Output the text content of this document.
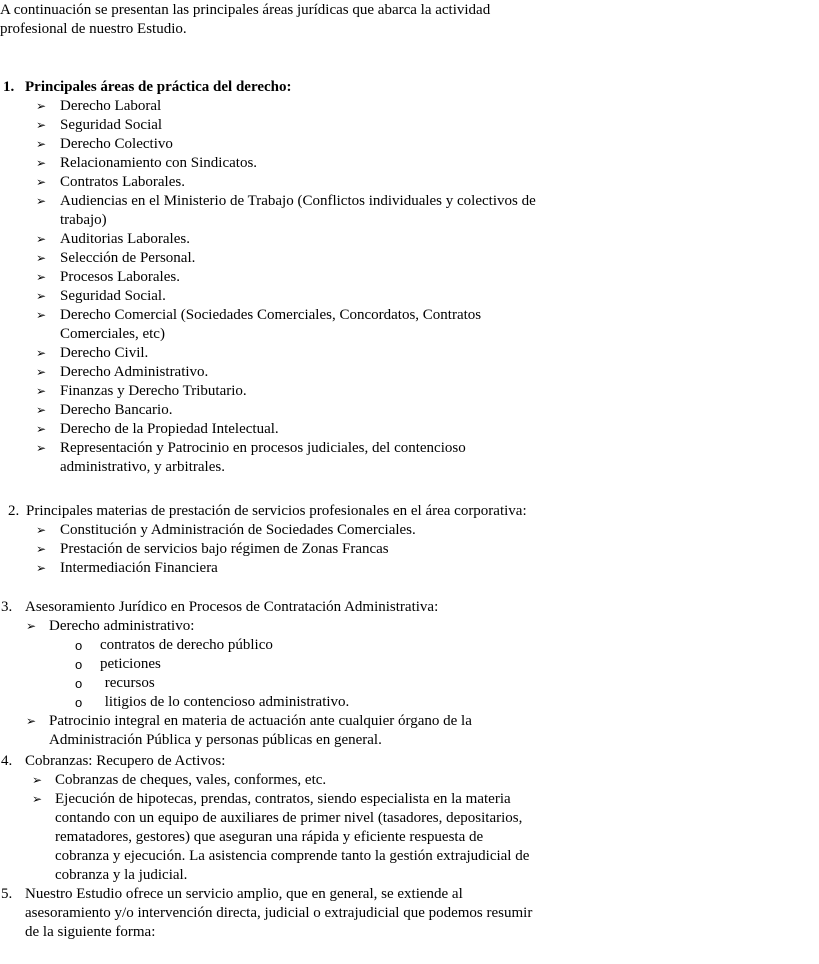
A continuación se presentan las principales áreas jurídicas que abarca la actividad

profesional de nuestro Estudio.

1. Principales áreas de práctica del derecho:
➢ Derecho Laboral

➢ Seguridad Social

➢ Derecho Colectivo

➢ Relacionamiento con Sindicatos.

➢ Contratos Laborales.

➢ Audiencias en el Ministerio de Trabajo (Conflictos individuales y colectivos de

trabajo)

➢ Auditorias Laborales.

➢ Selección de Personal.

➢ Procesos Laborales.

➢ Seguridad Social.

➢ Derecho Comercial (Sociedades Comerciales, Concordatos, Contratos

Comerciales, etc)

➢ Derecho Civil.

➢ Derecho Administrativo.

➢ Finanzas y Derecho Tributario.

➢ Derecho Bancario.

➢ Derecho de la Propiedad Intelectual.

➢ Representación y Patrocinio en procesos judiciales, del contencioso

administrativo, y arbitrales.

2. Principales materias de prestación de servicios profesionales en el área corporativa:
➢ Constitución y Administración de Sociedades Comerciales.

➢ Prestación de servicios bajo régimen de Zonas Francas

➢ Intermediación Financiera

3. Asesoramiento Jurídico en Procesos de Contratación Administrativa:
➢ Derecho administrativo:
o contratos de derecho público
o peticiones
o recursos
o litigios de lo contencioso administrativo.
➢ Patrocinio integral en materia de actuación ante cualquier órgano de la

Administración Pública y personas públicas en general.

4. Cobranzas: Recupero de Activos:
➢ Cobranzas de cheques, vales, conformes, etc.
➢ Ejecución de hipotecas, prendas, contratos, siendo especialista en la materia

contando con un equipo de auxiliares de primer nivel (tasadores, depositarios,

rematadores, gestores) que aseguran una rápida y eficiente respuesta de

cobranza y ejecución. La asistencia comprende tanto la gestión extrajudicial de

cobranza y la judicial.

5. Nuestro Estudio ofrece un servicio amplio, que en general, se extiende al

asesoramiento y/o intervención directa, judicial o extrajudicial que podemos resumir

de la siguiente forma:
